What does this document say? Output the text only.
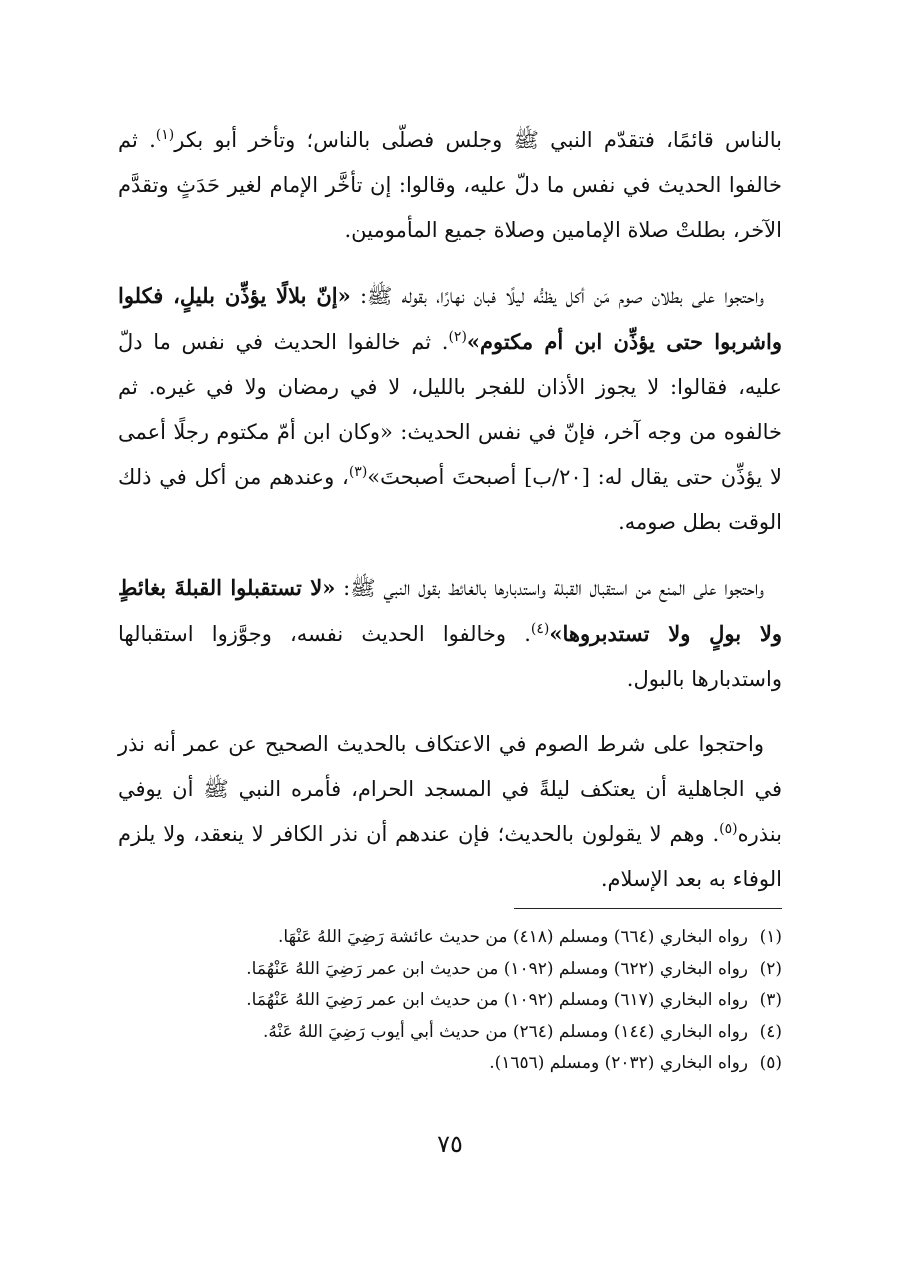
بالناس قائمًا، فتقدّم النبي ﷺ وجلس فصلّى بالناس؛ وتأخر أبو بكر$^{(١)}$. ثم خالفوا الحديث في نفس ما دلّ عليه، وقالوا: إن تأخَّر الإمام لغير حَدَثٍ وتقدَّم الآخر، بطلتْ صلاة الإمامين وصلاة جميع المأمومين.

واحتجوا على بطلان صوم مَن أكل يظنُّه ليلًا فبان نهارًا، بقوله ﷺ: «إنّ بلالًا يؤذِّن بليلٍ، فكلوا واشربوا حتى يؤذِّن ابن أم مكتوم»$^{(٢)}$. ثم خالفوا الحديث في نفس ما دلّ عليه، فقالوا: لا يجوز الأذان للفجر بالليل، لا في رمضان ولا في غيره. ثم خالفوه من وجه آخر، فإنّ في نفس الحديث: «وكان ابن أمّ مكتوم رجلًا أعمى لا يؤذِّن حتى يقال له: [٢٠/ب] أصبحتَ أصبحتَ»$^{(٣)}$، وعندهم من أكل في ذلك الوقت بطل صومه.

واحتجوا على المنع من استقبال القبلة واستدبارها بالغائط بقول النبي ﷺ: «لا تستقبلوا القبلةَ بغائطٍ ولا بولٍ ولا تستدبروها»$^{(٤)}$. وخالفوا الحديث نفسه، وجوَّزوا استقبالها واستدبارها بالبول.

واحتجوا على شرط الصوم في الاعتكاف بالحديث الصحيح عن عمر أنه نذر في الجاهلية أن يعتكف ليلةً في المسجد الحرام، فأمره النبي ﷺ أن يوفي بنذره$^{(٥)}$. وهم لا يقولون بالحديث؛ فإن عندهم أن نذر الكافر لا ينعقد، ولا يلزم الوفاء به بعد الإسلام.

(١)رواه البخاري (٦٦٤) ومسلم (٤١٨) من حديث عائشة رَضِيَ اللهُ عَنْهَا.

(٢)رواه البخاري (٦٢٢) ومسلم (١٠٩٢) من حديث ابن عمر رَضِيَ اللهُ عَنْهُمَا.

(٣)رواه البخاري (٦١٧) ومسلم (١٠٩٢) من حديث ابن عمر رَضِيَ اللهُ عَنْهُمَا.

(٤)رواه البخاري (١٤٤) ومسلم (٢٦٤) من حديث أبي أيوب رَضِيَ اللهُ عَنْهُ.

(٥)رواه البخاري (٢٠٣٢) ومسلم (١٦٥٦).

٧٥
